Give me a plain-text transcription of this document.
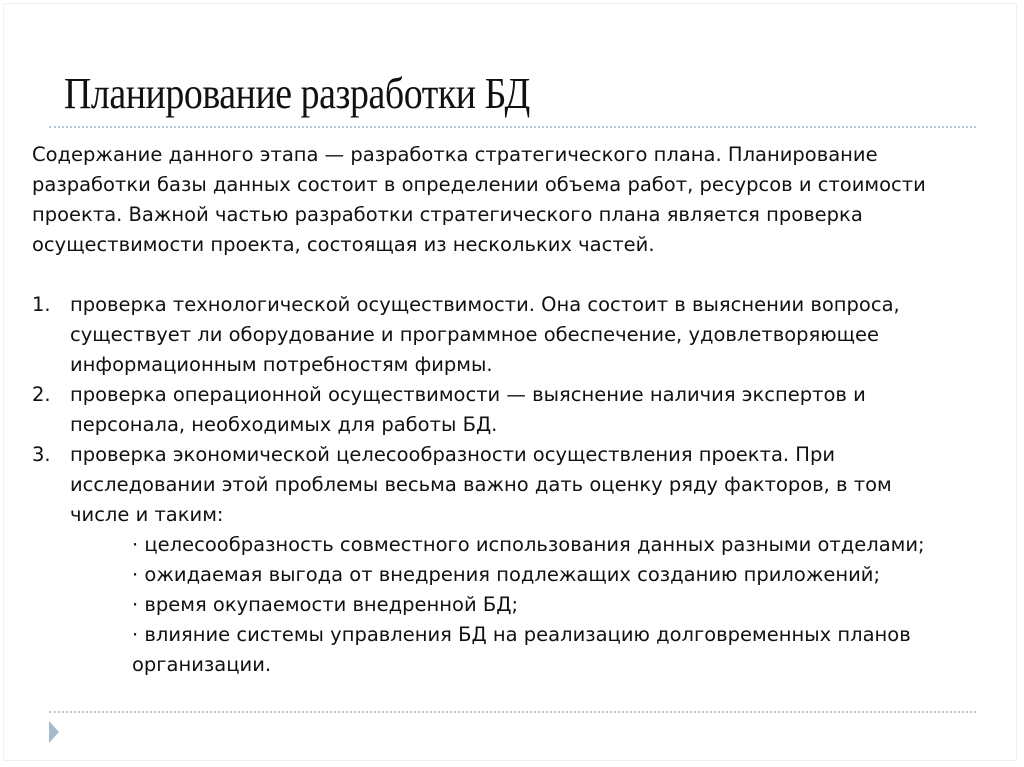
Планирование разработки БД

Содержание данного этапа — разработка стратегического плана. Планирование
разработки базы данных состоит в определении объема работ, ресурсов и стоимости
проекта. Важной частью разработки стратегического плана является проверка
осуществимости проекта, состоящая из нескольких частей.

1. проверка технологической осуществимости. Она состоит в выяснении вопроса,
существует ли оборудование и программное обеспечение, удовлетворяющее
информационным потребностям фирмы.
2. проверка операционной осуществимости — выяснение наличия экспертов и
персонала, необходимых для работы БД.
3. проверка экономической целесообразности осуществления проекта. При
исследовании этой проблемы весьма важно дать оценку ряду факторов, в том
числе и таким:
· целесообразность совместного использования данных разными отделами;
· ожидаемая выгода от внедрения подлежащих созданию приложений;
· время окупаемости внедренной БД;
· влияние системы управления БД на реализацию долговременных планов
организации.
